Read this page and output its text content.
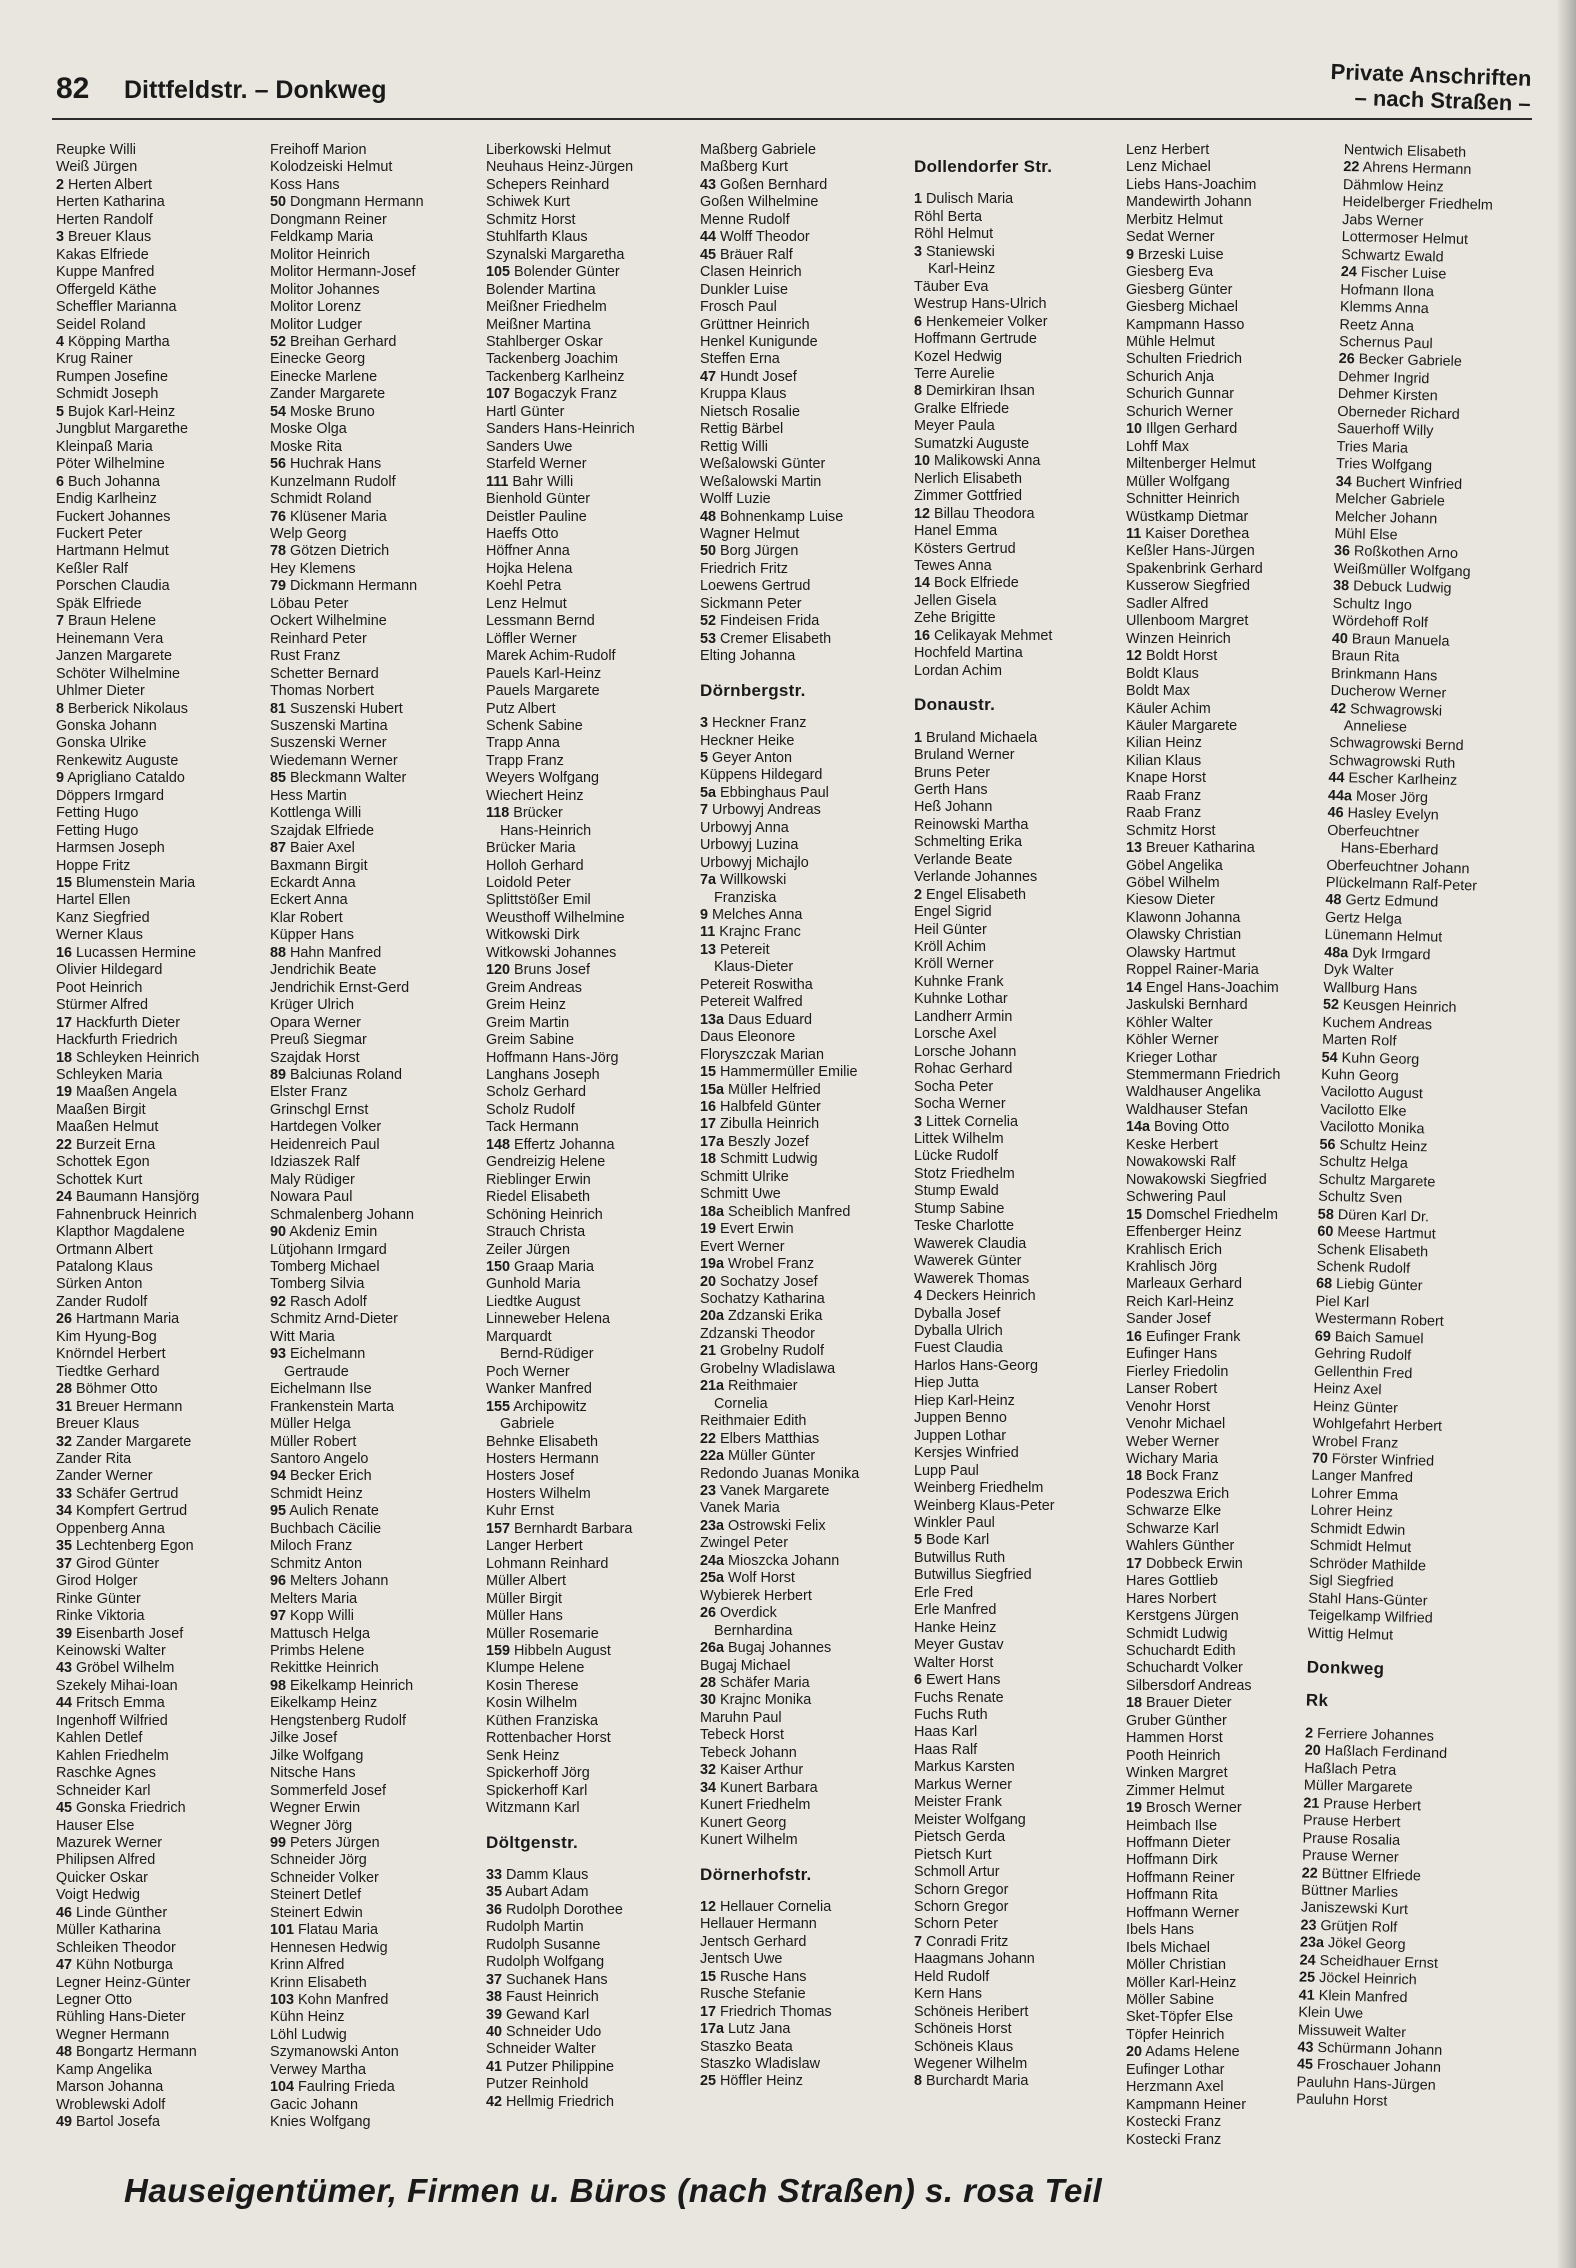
82 Dittfeldstr. – Donkweg	Private Anschriften
– nach Straßen –
Reupke Willi
Weiß Jürgen
2 Herten Albert
Herten Katharina
Herten Randolf
3 Breuer Klaus
Kakas Elfriede
Kuppe Manfred
Offergeld Käthe
Scheffler Marianna
Seidel Roland
4 Köpping Martha
Krug Rainer
Rumpen Josefine
Schmidt Joseph
5 Bujok Karl-Heinz
Jungblut Margarethe
Kleinpaß Maria
Pöter Wilhelmine
6 Buch Johanna
Endig Karlheinz
Fuckert Johannes
Fuckert Peter
Hartmann Helmut
Keßler Ralf
Porschen Claudia
Späk Elfriede
7 Braun Helene
Heinemann Vera
Janzen Margarete
Schöter Wilhelmine
Uhlmer Dieter
8 Berberick Nikolaus
Gonska Johann
Gonska Ulrike
Renkewitz Auguste
9 Aprigliano Cataldo
Döppers Irmgard
Fetting Hugo
Fetting Hugo
Harmsen Joseph
Hoppe Fritz
15 Blumenstein Maria
Hartel Ellen
Kanz Siegfried
Werner Klaus
16 Lucassen Hermine
Olivier Hildegard
Poot Heinrich
Stürmer Alfred
17 Hackfurth Dieter
Hackfurth Friedrich
18 Schleyken Heinrich
Schleyken Maria
19 Maaßen Angela
Maaßen Birgit
Maaßen Helmut
22 Burzeit Erna
Schottek Egon
Schottek Kurt
24 Baumann Hansjörg
Fahnenbruck Heinrich
Klapthor Magdalene
Ortmann Albert
Patalong Klaus
Sürken Anton
Zander Rudolf
26 Hartmann Maria
Kim Hyung-Bog
Knörndel Herbert
Tiedtke Gerhard
28 Böhmer Otto
31 Breuer Hermann
Breuer Klaus
32 Zander Margarete
Zander Rita
Zander Werner
33 Schäfer Gertrud
34 Kompfert Gertrud
Oppenberg Anna
35 Lechtenberg Egon
37 Girod Günter
Girod Holger
Rinke Günter
Rinke Viktoria
39 Eisenbarth Josef
Keinowski Walter
43 Gröbel Wilhelm
Szekely Mihai-Ioan
44 Fritsch Emma
Ingenhoff Wilfried
Kahlen Detlef
Kahlen Friedhelm
Raschke Agnes
Schneider Karl
45 Gonska Friedrich
Hauser Else
Mazurek Werner
Philipsen Alfred
Quicker Oskar
Voigt Hedwig
46 Linde Günther
Müller Katharina
Schleiken Theodor
47 Kühn Notburga
Legner Heinz-Günter
Legner Otto
Rühling Hans-Dieter
Wegner Hermann
48 Bongartz Hermann
Kamp Angelika
Marson Johanna
Wroblewski Adolf
49 Bartol Josefa
Freihoff Marion
Kolodzeiski Helmut
Koss Hans
50 Dongmann Hermann
Dongmann Reiner
Feldkamp Maria
Molitor Heinrich
Molitor Hermann-Josef
Molitor Johannes
Molitor Lorenz
Molitor Ludger
52 Breihan Gerhard
Einecke Georg
Einecke Marlene
Zander Margarete
54 Moske Bruno
Moske Olga
Moske Rita
56 Huchrak Hans
Kunzelmann Rudolf
Schmidt Roland
76 Klüsener Maria
Welp Georg
78 Götzen Dietrich
Hey Klemens
79 Dickmann Hermann
Löbau Peter
Ockert Wilhelmine
Reinhard Peter
Rust Franz
Schetter Bernard
Thomas Norbert
81 Suszenski Hubert
Suszenski Martina
Suszenski Werner
Wiedemann Werner
85 Bleckmann Walter
Hess Martin
Kottlenga Willi
Szajdak Elfriede
87 Baier Axel
Baxmann Birgit
Eckardt Anna
Eckert Anna
Klar Robert
Küpper Hans
88 Hahn Manfred
Jendrichik Beate
Jendrichik Ernst-Gerd
Krüger Ulrich
Opara Werner
Preuß Siegmar
Szajdak Horst
89 Balciunas Roland
Elster Franz
Grinschgl Ernst
Hartdegen Volker
Heidenreich Paul
Idziaszek Ralf
Maly Rüdiger
Nowara Paul
Schmalenberg Johann
90 Akdeniz Emin
Lütjohann Irmgard
Tomberg Michael
Tomberg Silvia
92 Rasch Adolf
Schmitz Arnd-Dieter
Witt Maria
93 Eichelmann
Gertraude
Eichelmann Ilse
Frankenstein Marta
Müller Helga
Müller Robert
Santoro Angelo
94 Becker Erich
Schmidt Heinz
95 Aulich Renate
Buchbach Cäcilie
Miloch Franz
Schmitz Anton
96 Melters Johann
Melters Maria
97 Kopp Willi
Mattusch Helga
Primbs Helene
Rekittke Heinrich
98 Eikelkamp Heinrich
Eikelkamp Heinz
Hengstenberg Rudolf
Jilke Josef
Jilke Wolfgang
Nitsche Hans
Sommerfeld Josef
Wegner Erwin
Wegner Jörg
99 Peters Jürgen
Schneider Jörg
Schneider Volker
Steinert Detlef
Steinert Edwin
101 Flatau Maria
Hennesen Hedwig
Krinn Alfred
Krinn Elisabeth
103 Kohn Manfred
Kühn Heinz
Löhl Ludwig
Szymanowski Anton
Verwey Martha
104 Faulring Frieda
Gacic Johann
Knies Wolfgang
Liberkowski Helmut
Neuhaus Heinz-Jürgen
Schepers Reinhard
Schiwek Kurt
Schmitz Horst
Stuhlfarth Klaus
Szynalski Margaretha
105 Bolender Günter
Bolender Martina
Meißner Friedhelm
Meißner Martina
Stahlberger Oskar
Tackenberg Joachim
Tackenberg Karlheinz
107 Bogaczyk Franz
Hartl Günter
Sanders Hans-Heinrich
Sanders Uwe
Starfeld Werner
111 Bahr Willi
Bienhold Günter
Deistler Pauline
Haeffs Otto
Höffner Anna
Hojka Helena
Koehl Petra
Lenz Helmut
Lessmann Bernd
Löffler Werner
Marek Achim-Rudolf
Pauels Karl-Heinz
Pauels Margarete
Putz Albert
Schenk Sabine
Trapp Anna
Trapp Franz
Weyers Wolfgang
Wiechert Heinz
118 Brücker
Hans-Heinrich
Brücker Maria
Holloh Gerhard
Loidold Peter
Splittstößer Emil
Weusthoff Wilhelmine
Witkowski Dirk
Witkowski Johannes
120 Bruns Josef
Greim Andreas
Greim Heinz
Greim Martin
Greim Sabine
Hoffmann Hans-Jörg
Langhans Joseph
Scholz Gerhard
Scholz Rudolf
Tack Hermann
148 Effertz Johanna
Gendreizig Helene
Rieblinger Erwin
Riedel Elisabeth
Schöning Heinrich
Strauch Christa
Zeiler Jürgen
150 Graap Maria
Gunhold Maria
Liedtke August
Linneweber Helena
Marquardt
Bernd-Rüdiger
Poch Werner
Wanker Manfred
155 Archipowitz
Gabriele
Behnke Elisabeth
Hosters Hermann
Hosters Josef
Hosters Wilhelm
Kuhr Ernst
157 Bernhardt Barbara
Langer Herbert
Lohmann Reinhard
Müller Albert
Müller Birgit
Müller Hans
Müller Rosemarie
159 Hibbeln August
Klumpe Helene
Kosin Therese
Kosin Wilhelm
Küthen Franziska
Rottenbacher Horst
Senk Heinz
Spickerhoff Jörg
Spickerhoff Karl
Witzmann Karl
Döltgenstr.
33 Damm Klaus
35 Aubart Adam
36 Rudolph Dorothee
Rudolph Martin
Rudolph Susanne
Rudolph Wolfgang
37 Suchanek Hans
38 Faust Heinrich
39 Gewand Karl
40 Schneider Udo
Schneider Walter
41 Putzer Philippine
Putzer Reinhold
42 Hellmig Friedrich
Maßberg Gabriele
Maßberg Kurt
43 Goßen Bernhard
Goßen Wilhelmine
Menne Rudolf
44 Wolff Theodor
45 Bräuer Ralf
Clasen Heinrich
Dunkler Luise
Frosch Paul
Grüttner Heinrich
Henkel Kunigunde
Steffen Erna
47 Hundt Josef
Kruppa Klaus
Nietsch Rosalie
Rettig Bärbel
Rettig Willi
Weßalowski Günter
Weßalowski Martin
Wolff Luzie
48 Bohnenkamp Luise
Wagner Helmut
50 Borg Jürgen
Friedrich Fritz
Loewens Gertrud
Sickmann Peter
52 Findeisen Frida
53 Cremer Elisabeth
Elting Johanna
Dörnbergstr.
3 Heckner Franz
Heckner Heike
5 Geyer Anton
Küppens Hildegard
5a Ebbinghaus Paul
7 Urbowyj Andreas
Urbowyj Anna
Urbowyj Luzina
Urbowyj Michajlo
7a Willkowski
Franziska
9 Melches Anna
11 Krajnc Franc
13 Petereit
Klaus-Dieter
Petereit Roswitha
Petereit Walfred
13a Daus Eduard
Daus Eleonore
Floryszczak Marian
15 Hammermüller Emilie
15a Müller Helfried
16 Halbfeld Günter
17 Zibulla Heinrich
17a Beszly Jozef
18 Schmitt Ludwig
Schmitt Ulrike
Schmitt Uwe
18a Scheiblich Manfred
19 Evert Erwin
Evert Werner
19a Wrobel Franz
20 Sochatzy Josef
Sochatzy Katharina
20a Zdzanski Erika
Zdzanski Theodor
21 Grobelny Rudolf
Grobelny Wladislawa
21a Reithmaier
Cornelia
Reithmaier Edith
22 Elbers Matthias
22a Müller Günter
Redondo Juanas Monika
23 Vanek Margarete
Vanek Maria
23a Ostrowski Felix
Zwingel Peter
24a Mioszcka Johann
25a Wolf Horst
Wybierek Herbert
26 Overdick
Bernhardina
26a Bugaj Johannes
Bugaj Michael
28 Schäfer Maria
30 Krajnc Monika
Maruhn Paul
Tebeck Horst
Tebeck Johann
32 Kaiser Arthur
34 Kunert Barbara
Kunert Friedhelm
Kunert Georg
Kunert Wilhelm
Dörnerhofstr.
12 Hellauer Cornelia
Hellauer Hermann
Jentsch Gerhard
Jentsch Uwe
15 Rusche Hans
Rusche Stefanie
17 Friedrich Thomas
17a Lutz Jana
Staszko Beata
Staszko Wladislaw
25 Höffler Heinz
Dollendorfer Str.
1 Dulisch Maria
Röhl Berta
Röhl Helmut
3 Staniewski
Karl-Heinz
Täuber Eva
Westrup Hans-Ulrich
6 Henkemeier Volker
Hoffmann Gertrude
Kozel Hedwig
Terre Aurelie
8 Demirkiran Ihsan
Gralke Elfriede
Meyer Paula
Sumatzki Auguste
10 Malikowski Anna
Nerlich Elisabeth
Zimmer Gottfried
12 Billau Theodora
Hanel Emma
Kösters Gertrud
Tewes Anna
14 Bock Elfriede
Jellen Gisela
Zehe Brigitte
16 Celikayak Mehmet
Hochfeld Martina
Lordan Achim
Donaustr.
1 Bruland Michaela
Bruland Werner
Bruns Peter
Gerth Hans
Heß Johann
Reinowski Martha
Schmelting Erika
Verlande Beate
Verlande Johannes
2 Engel Elisabeth
Engel Sigrid
Heil Günter
Kröll Achim
Kröll Werner
Kuhnke Frank
Kuhnke Lothar
Landherr Armin
Lorsche Axel
Lorsche Johann
Rohac Gerhard
Socha Peter
Socha Werner
3 Littek Cornelia
Littek Wilhelm
Lücke Rudolf
Stotz Friedhelm
Stump Ewald
Stump Sabine
Teske Charlotte
Wawerek Claudia
Wawerek Günter
Wawerek Thomas
4 Deckers Heinrich
Dyballa Josef
Dyballa Ulrich
Fuest Claudia
Harlos Hans-Georg
Hiep Jutta
Hiep Karl-Heinz
Juppen Benno
Juppen Lothar
Kersjes Winfried
Lupp Paul
Weinberg Friedhelm
Weinberg Klaus-Peter
Winkler Paul
5 Bode Karl
Butwillus Ruth
Butwillus Siegfried
Erle Fred
Erle Manfred
Hanke Heinz
Meyer Gustav
Walter Horst
6 Ewert Hans
Fuchs Renate
Fuchs Ruth
Haas Karl
Haas Ralf
Markus Karsten
Markus Werner
Meister Frank
Meister Wolfgang
Pietsch Gerda
Pietsch Kurt
Schmoll Artur
Schorn Gregor
Schorn Gregor
Schorn Peter
7 Conradi Fritz
Haagmans Johann
Held Rudolf
Kern Hans
Schöneis Heribert
Schöneis Horst
Schöneis Klaus
Wegener Wilhelm
8 Burchardt Maria
Lenz Herbert
Lenz Michael
Liebs Hans-Joachim
Mandewirth Johann
Merbitz Helmut
Sedat Werner
9 Brzeski Luise
Giesberg Eva
Giesberg Günter
Giesberg Michael
Kampmann Hasso
Mühle Helmut
Schulten Friedrich
Schurich Anja
Schurich Gunnar
Schurich Werner
10 Illgen Gerhard
Lohff Max
Miltenberger Helmut
Müller Wolfgang
Schnitter Heinrich
Wüstkamp Dietmar
11 Kaiser Dorethea
Keßler Hans-Jürgen
Spakenbrink Gerhard
Kusserow Siegfried
Sadler Alfred
Ullenboom Margret
Winzen Heinrich
12 Boldt Horst
Boldt Klaus
Boldt Max
Käuler Achim
Käuler Margarete
Kilian Heinz
Kilian Klaus
Knape Horst
Raab Franz
Raab Franz
Schmitz Horst
13 Breuer Katharina
Göbel Angelika
Göbel Wilhelm
Kiesow Dieter
Klawonn Johanna
Olawsky Christian
Olawsky Hartmut
Roppel Rainer-Maria
14 Engel Hans-Joachim
Jaskulski Bernhard
Köhler Walter
Köhler Werner
Krieger Lothar
Stemmermann Friedrich
Waldhauser Angelika
Waldhauser Stefan
14a Boving Otto
Keske Herbert
Nowakowski Ralf
Nowakowski Siegfried
Schwering Paul
15 Domschel Friedhelm
Effenberger Heinz
Krahlisch Erich
Krahlisch Jörg
Marleaux Gerhard
Reich Karl-Heinz
Sander Josef
16 Eufinger Frank
Eufinger Hans
Fierley Friedolin
Lanser Robert
Venohr Horst
Venohr Michael
Weber Werner
Wichary Maria
18 Bock Franz
Podeszwa Erich
Schwarze Elke
Schwarze Karl
Wahlers Günther
17 Dobbeck Erwin
Hares Gottlieb
Hares Norbert
Kerstgens Jürgen
Schmidt Ludwig
Schuchardt Edith
Schuchardt Volker
Silbersdorf Andreas
18 Brauer Dieter
Gruber Günther
Hammen Horst
Pooth Heinrich
Winken Margret
Zimmer Helmut
19 Brosch Werner
Heimbach Ilse
Hoffmann Dieter
Hoffmann Dirk
Hoffmann Reiner
Hoffmann Rita
Hoffmann Werner
Ibels Hans
Ibels Michael
Möller Christian
Möller Karl-Heinz
Möller Sabine
Sket-Töpfer Else
Töpfer Heinrich
20 Adams Helene
Eufinger Lothar
Herzmann Axel
Kampmann Heiner
Kostecki Franz
Kostecki Franz
Nentwich Elisabeth
22 Ahrens Hermann
Dähmlow Heinz
Heidelberger Friedhelm
Jabs Werner
Lottermoser Helmut
Schwartz Ewald
24 Fischer Luise
Hofmann Ilona
Klemms Anna
Reetz Anna
Schernus Paul
26 Becker Gabriele
Dehmer Ingrid
Dehmer Kirsten
Oberneder Richard
Sauerhoff Willy
Tries Maria
Tries Wolfgang
34 Buchert Winfried
Melcher Gabriele
Melcher Johann
Mühl Else
36 Roßkothen Arno
Weißmüller Wolfgang
38 Debuck Ludwig
Schultz Ingo
Wördehoff Rolf
40 Braun Manuela
Braun Rita
Brinkmann Hans
Ducherow Werner
42 Schwagrowski
Anneliese
Schwagrowski Bernd
Schwagrowski Ruth
44 Escher Karlheinz
44a Moser Jörg
46 Hasley Evelyn
Oberfeuchtner
Hans-Eberhard
Oberfeuchtner Johann
Plückelmann Ralf-Peter
48 Gertz Edmund
Gertz Helga
Lünemann Helmut
48a Dyk Irmgard
Dyk Walter
Wallburg Hans
52 Keusgen Heinrich
Kuchem Andreas
Marten Rolf
54 Kuhn Georg
Kuhn Georg
Vacilotto August
Vacilotto Elke
Vacilotto Monika
56 Schultz Heinz
Schultz Helga
Schultz Margarete
Schultz Sven
58 Düren Karl Dr.
60 Meese Hartmut
Schenk Elisabeth
Schenk Rudolf
68 Liebig Günter
Piel Karl
Westermann Robert
69 Baich Samuel
Gehring Rudolf
Gellenthin Fred
Heinz Axel
Heinz Günter
Wohlgefahrt Herbert
Wrobel Franz
70 Förster Winfried
Langer Manfred
Lohrer Emma
Lohrer Heinz
Schmidt Edwin
Schmidt Helmut
Schröder Mathilde
Sigl Siegfried
Stahl Hans-Günter
Teigelkamp Wilfried
Wittig Helmut
Donkweg
Rk
2 Ferriere Johannes
20 Haßlach Ferdinand
Haßlach Petra
Müller Margarete
21 Prause Herbert
Prause Herbert
Prause Rosalia
Prause Werner
22 Büttner Elfriede
Büttner Marlies
Janiszewski Kurt
23 Grütjen Rolf
23a Jökel Georg
24 Scheidhauer Ernst
25 Jöckel Heinrich
41 Klein Manfred
Klein Uwe
Missuweit Walter
43 Schürmann Johann
45 Froschauer Johann
Pauluhn Hans-Jürgen
Pauluhn Horst
Hauseigentümer, Firmen u. Büros (nach Straßen) s. rosa Teil
